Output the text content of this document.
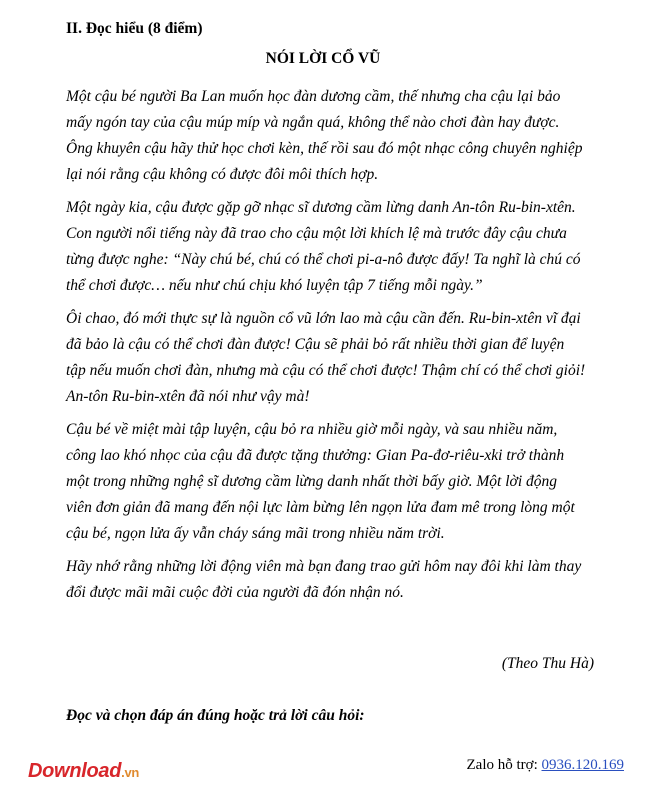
II. Đọc hiểu (8 điểm)
NÓI LỜI CỔ VŨ

Một cậu bé người Ba Lan muốn học đàn dương cầm, thế nhưng cha cậu lại bảo
mấy ngón tay của cậu múp míp và ngắn quá, không thể nào chơi đàn hay được.
Ông khuyên cậu hãy thử học chơi kèn, thế rồi sau đó một nhạc công chuyên nghiệp
lại nói rằng cậu không có được đôi môi thích hợp.

Một ngày kia, cậu được gặp gỡ nhạc sĩ dương cầm lừng danh An-tôn Ru-bin-xtên.
Con người nổi tiếng này đã trao cho cậu một lời khích lệ mà trước đây cậu chưa
từng được nghe: “Này chú bé, chú có thể chơi pi-a-nô được đấy! Ta nghĩ là chú có
thể chơi được… nếu như chú chịu khó luyện tập 7 tiếng mỗi ngày.”

Ôi chao, đó mới thực sự là nguồn cổ vũ lớn lao mà cậu cần đến. Ru-bin-xtên vĩ đại
đã bảo là cậu có thể chơi đàn được! Cậu sẽ phải bỏ rất nhiều thời gian để luyện
tập nếu muốn chơi đàn, nhưng mà cậu có thể chơi được! Thậm chí có thể chơi giỏi!
An-tôn Ru-bin-xtên đã nói như vậy mà!

Cậu bé về miệt mài tập luyện, cậu bỏ ra nhiều giờ mỗi ngày, và sau nhiều năm,
công lao khó nhọc của cậu đã được tặng thưởng: Gian Pa-đơ-riêu-xki trở thành
một trong những nghệ sĩ dương cầm lừng danh nhất thời bấy giờ. Một lời động
viên đơn giản đã mang đến nội lực làm bừng lên ngọn lửa đam mê trong lòng một
cậu bé, ngọn lửa ấy vẫn cháy sáng mãi trong nhiều năm trời.

Hãy nhớ rằng những lời động viên mà bạn đang trao gửi hôm nay đôi khi làm thay
đổi được mãi mãi cuộc đời của người đã đón nhận nó.

(Theo Thu Hà)
Đọc và chọn đáp án đúng hoặc trả lời câu hỏi:
Download.vn	Zalo hỗ trợ: 0936.120.169
